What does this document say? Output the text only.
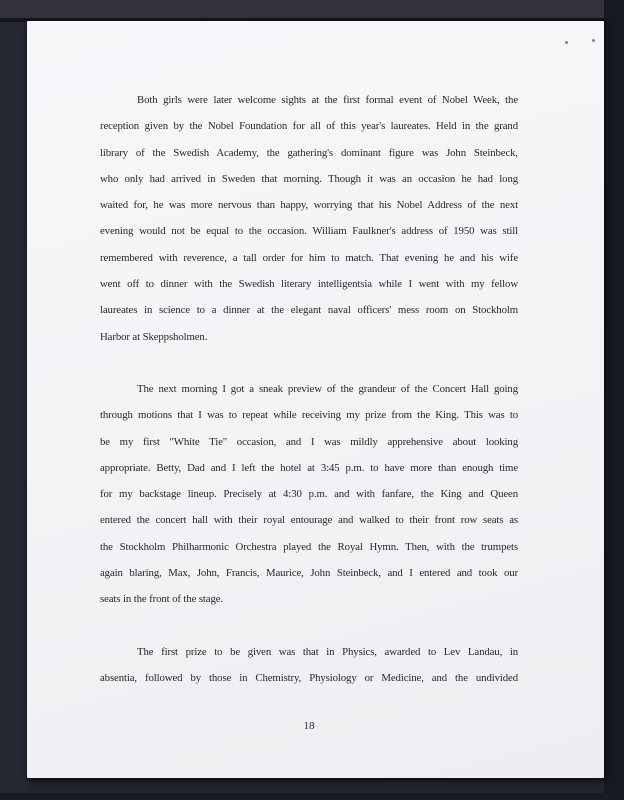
Both girls were later welcome sights at the first formal event of Nobel Week, the
reception given by the Nobel Foundation for all of this year's laureates. Held in the grand
library of the Swedish Academy, the gathering's dominant figure was John Steinbeck,
who only had arrived in Sweden that morning. Though it was an occasion he had long
waited for, he was more nervous than happy, worrying that his Nobel Address of the next
evening would not be equal to the occasion. William Faulkner's address of 1950 was still
remembered with reverence, a tall order for him to match. That evening he and his wife
went off to dinner with the Swedish literary intelligentsia while I went with my fellow
laureates in science to a dinner at the elegant naval officers' mess room on Stockholm
Harbor at Skeppsholmen.
The next morning I got a sneak preview of the grandeur of the Concert Hall going
through motions that I was to repeat while receiving my prize from the King. This was to
be my first "White Tie" occasion, and I was mildly apprehensive about looking
appropriate. Betty, Dad and I left the hotel at 3:45 p.m. to have more than enough time
for my backstage lineup. Precisely at 4:30 p.m. and with fanfare, the King and Queen
entered the concert hall with their royal entourage and walked to their front row seats as
the Stockholm Philharmonic Orchestra played the Royal Hymn. Then, with the trumpets
again blaring, Max, John, Francis, Maurice, John Steinbeck, and I entered and took our
seats in the front of the stage.
The first prize to be given was that in Physics, awarded to Lev Landau, in
absentia, followed by those in Chemistry, Physiology or Medicine, and the undivided
18
